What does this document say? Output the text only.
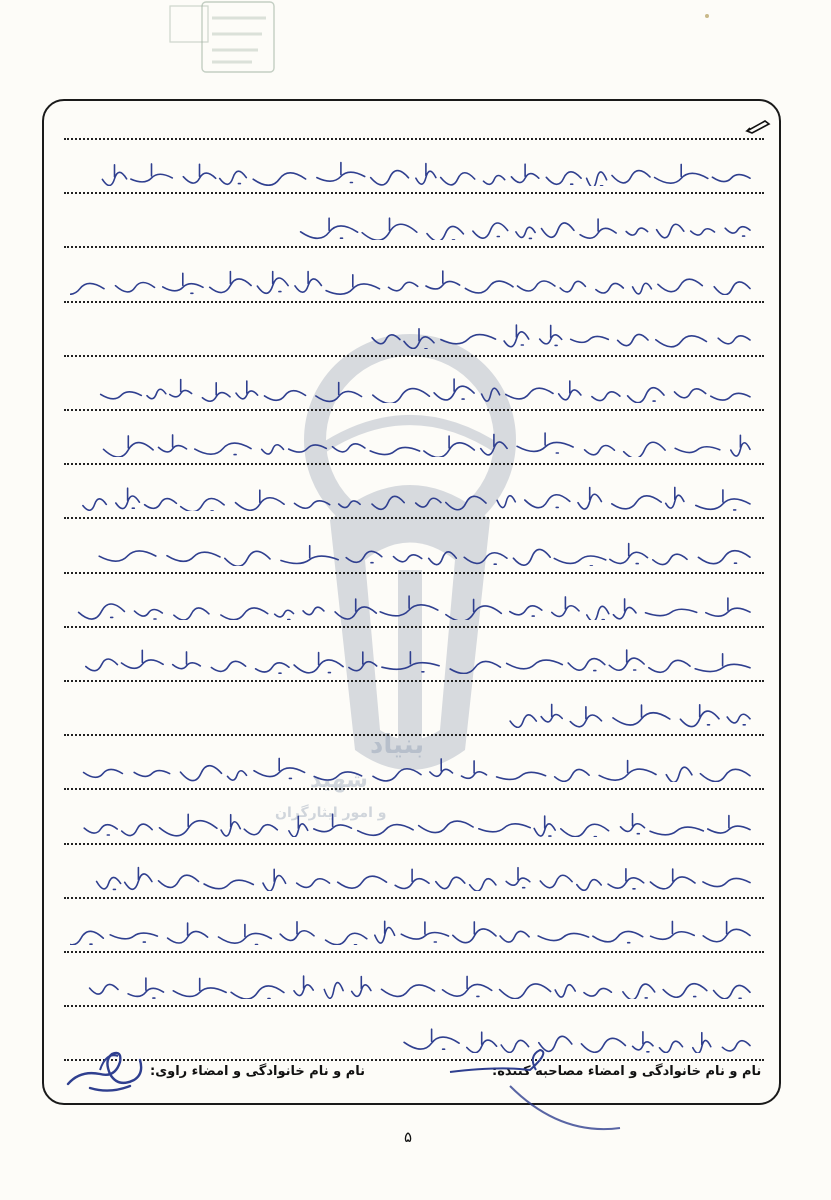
بنیاد
شهید
و امور ایثارگران
نام و نام خانوادگی و امضاء راوی:	نام و نام خانوادگی و امضاء مصاحبه کننده:
۵
